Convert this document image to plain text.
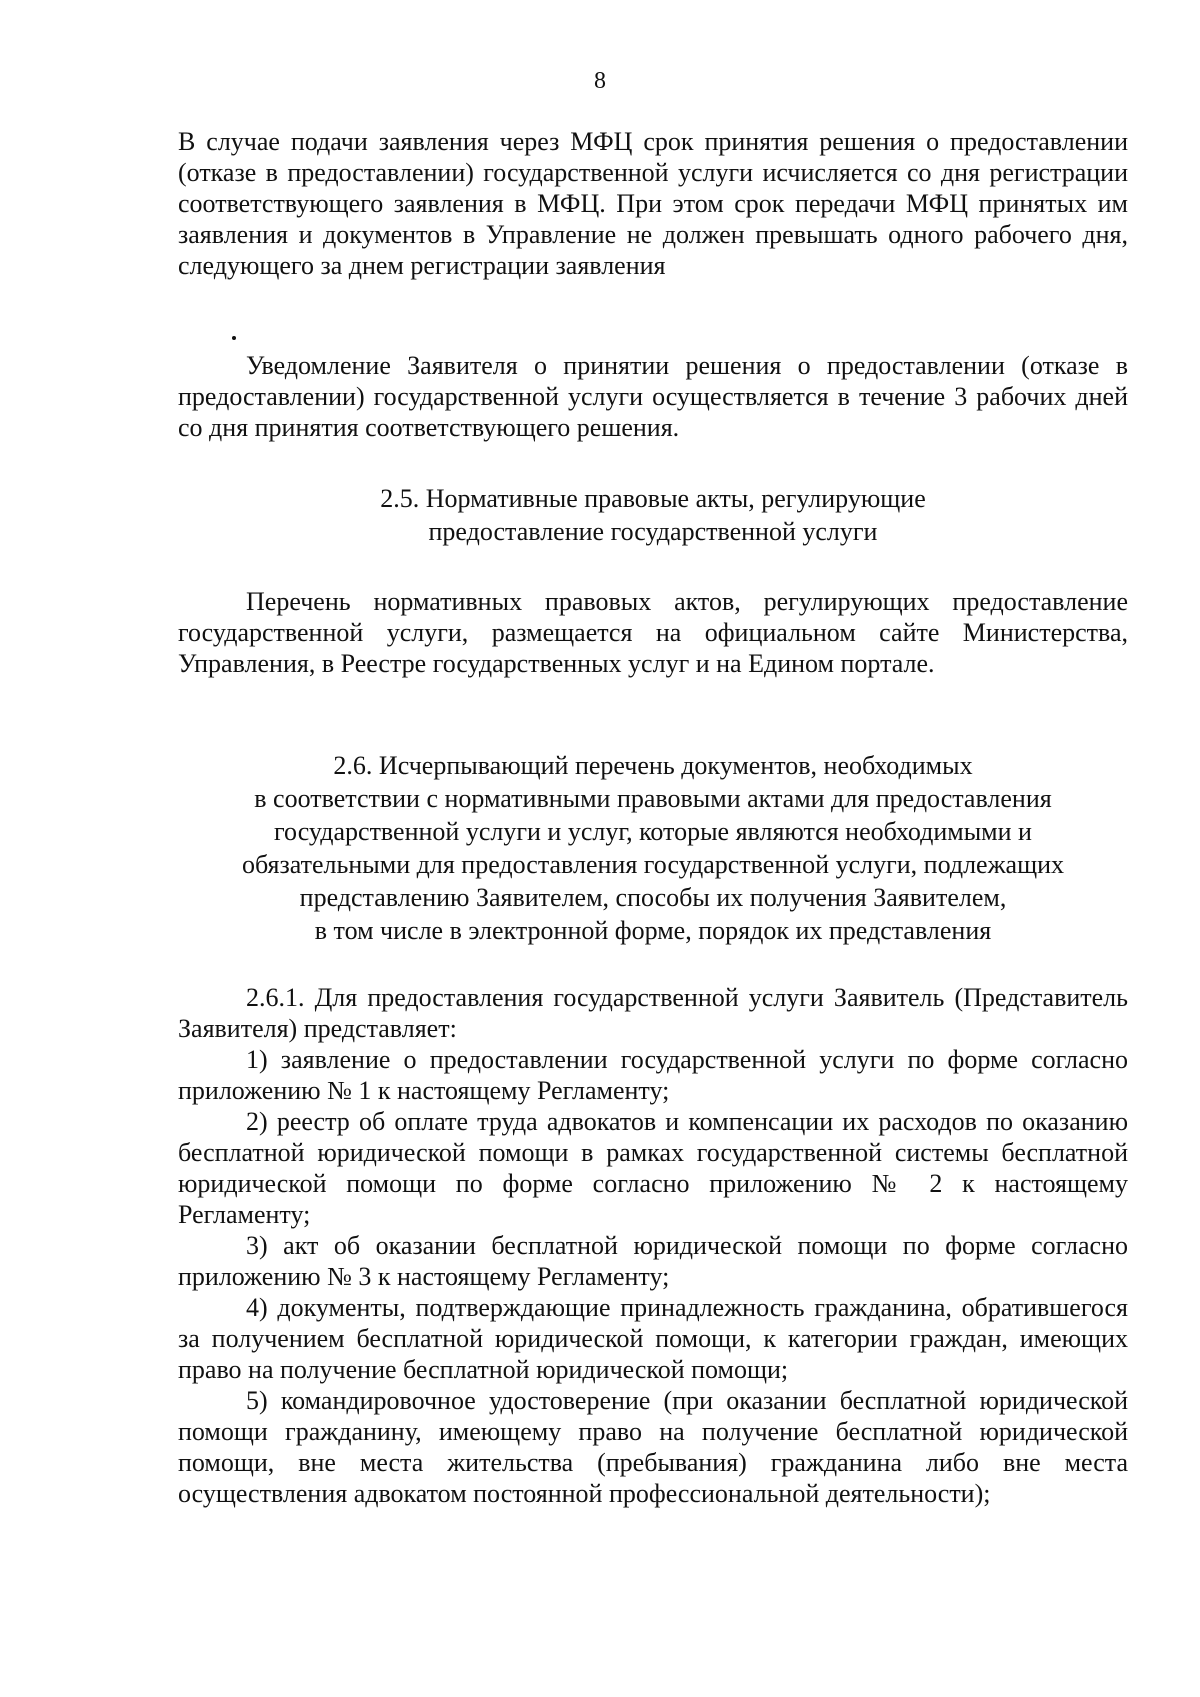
8

В случае подачи заявления через МФЦ срок принятия решения о предоставлении (отказе в предоставлении) государственной услуги исчисляется со дня регистрации соответствующего заявления в МФЦ. При этом срок передачи МФЦ принятых им заявления и документов в Управление не должен превышать одного рабочего дня, следующего за днем регистрации заявления

Уведомление Заявителя о принятии решения о предоставлении (отказе в предоставлении) государственной услуги осуществляется в течение 3 рабочих дней со дня принятия соответствующего решения.

2.5. Нормативные правовые акты, регулирующие

предоставление государственной услуги

Перечень нормативных правовых актов, регулирующих предоставление государственной услуги, размещается на официальном сайте Министерства, Управления, в Реестре государственных услуг и на Едином портале.

2.6. Исчерпывающий перечень документов, необходимых

в соответствии с нормативными правовыми актами для предоставления

государственной услуги и услуг, которые являются необходимыми и

обязательными для предоставления государственной услуги, подлежащих

представлению Заявителем, способы их получения Заявителем,

в том числе в электронной форме, порядок их представления

2.6.1. Для предоставления государственной услуги Заявитель (Представитель Заявителя) представляет:

1) заявление о предоставлении государственной услуги по форме согласно приложению № 1 к настоящему Регламенту;

2) реестр об оплате труда адвокатов и компенсации их расходов по оказанию бесплатной юридической помощи в рамках государственной системы бесплатной юридической помощи по форме согласно приложению № 2 к настоящему Регламенту;

3) акт об оказании бесплатной юридической помощи по форме согласно приложению № 3 к настоящему Регламенту;

4) документы, подтверждающие принадлежность гражданина, обратившегося за получением бесплатной юридической помощи, к категории граждан, имеющих право на получение бесплатной юридической помощи;

5) командировочное удостоверение (при оказании бесплатной юридической помощи гражданину, имеющему право на получение бесплатной юридической помощи, вне места жительства (пребывания) гражданина либо вне места осуществления адвокатом постоянной профессиональной деятельности);
